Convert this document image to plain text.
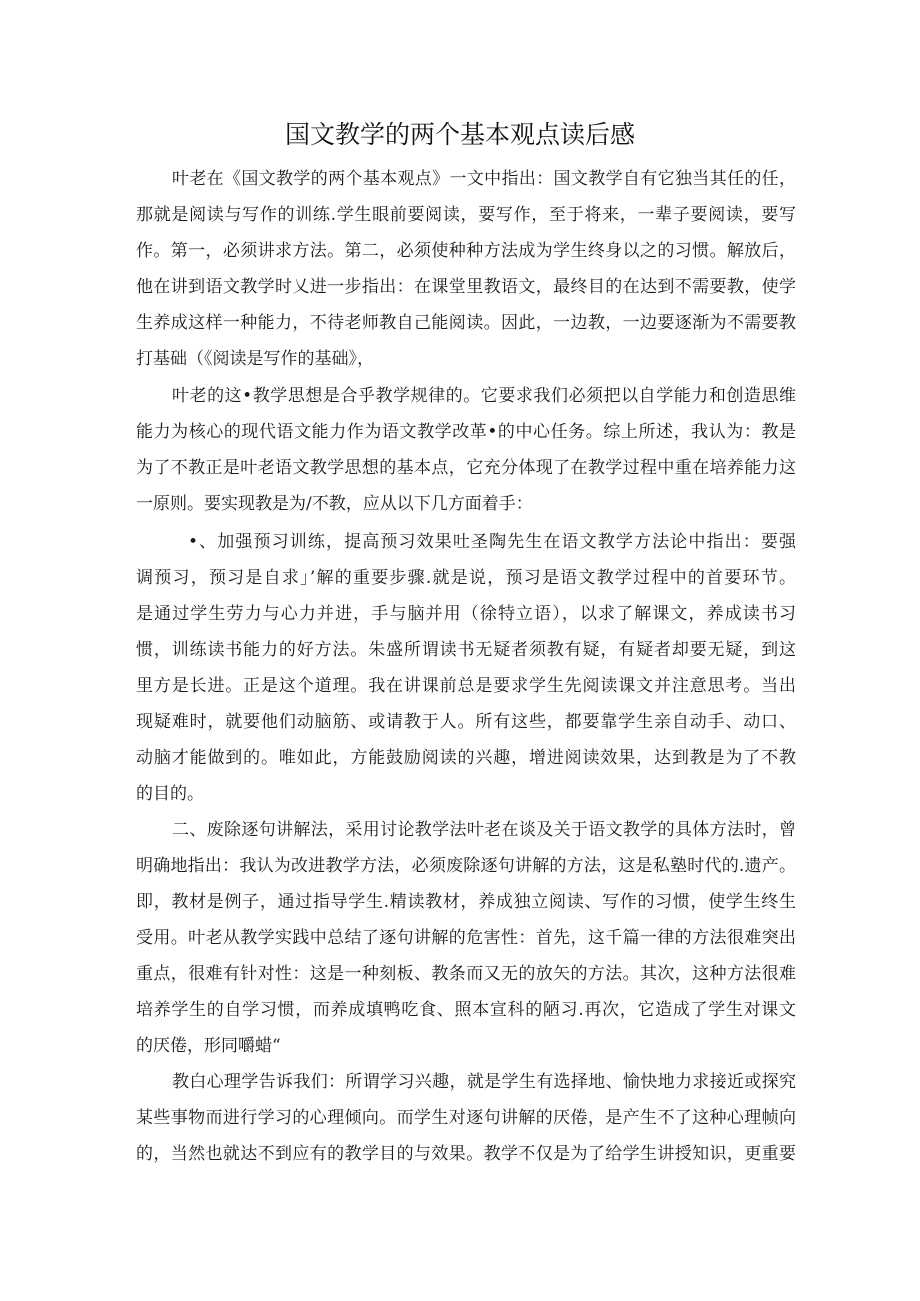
国文教学的两个基本观点读后感
叶老在《国文教学的两个基本观点》一文中指出：国文教学自有它独当其任的任，
那就是阅读与写作的训练.学生眼前要阅读，要写作，至于将来，一辈子要阅读，要写
作。第一，必须讲求方法。第二，必须使种种方法成为学生终身以之的习惯。解放后，
他在讲到语文教学时乂进一步指出：在课堂里教语文，最终目的在达到不需要教，使学
生养成这样一种能力，不待老师教自己能阅读。因此，一边教，一边要逐渐为不需要教
打基础（《阅读是写作的基础》，
叶老的这•教学思想是合乎教学规律的。它要求我们必须把以自学能力和创造思维
能力为核心的现代语文能力作为语文教学改革•的中心任务。综上所述，我认为：教是
为了不教正是叶老语文教学思想的基本点，它充分体现了在教学过程中重在培养能力这
一原则。要实现教是为/不教，应从以下几方面着手：
•、加强预习训练，提高预习效果吐圣陶先生在语文教学方法论中指出：要强
调预习，预习是自求」’解的重要步骤.就是说，预习是语文教学过程中的首要环节。
是通过学生劳力与心力并进，手与脑并用（徐特立语），以求了解课文，养成读书习
惯，训练读书能力的好方法。朱盛所谓读书无疑者须教有疑，有疑者却要无疑，到这
里方是长进。正是这个道理。我在讲课前总是要求学生先阅读课文并注意思考。当出
现疑难时，就要他们动脑筋、或请教于人。所有这些，都要靠学生亲自动手、动口、
动脑才能做到的。唯如此，方能鼓励阅读的兴趣，增进阅读效果，达到教是为了不教
的目的。
二、废除逐句讲解法，采用讨论教学法叶老在谈及关于语文教学的具体方法时，曾
明确地指出：我认为改进教学方法，必须废除逐句讲解的方法，这是私塾时代的.遗产。
即，教材是例子，通过指导学生.精读教材，养成独立阅读、写作的习惯，使学生终生
受用。叶老从教学实践中总结了逐句讲解的危害性：首先，这千篇一律的方法很难突出
重点，很难有针对性：这是一种刻板、教条而又无的放矢的方法。其次，这种方法很难
培养学生的自学习惯，而养成填鸭吃食、照本宣科的陋习.再次，它造成了学生对课文
的厌倦，形同嚼蜡“
教白心理学告诉我们：所谓学习兴趣，就是学生有选择地、愉快地力求接近或探究
某些事物而进行学习的心理倾向。而学生对逐句讲解的厌倦，是产生不了这种心理帧向
的，当然也就达不到应有的教学目的与效果。教学不仅是为了给学生讲授知识，更重要
